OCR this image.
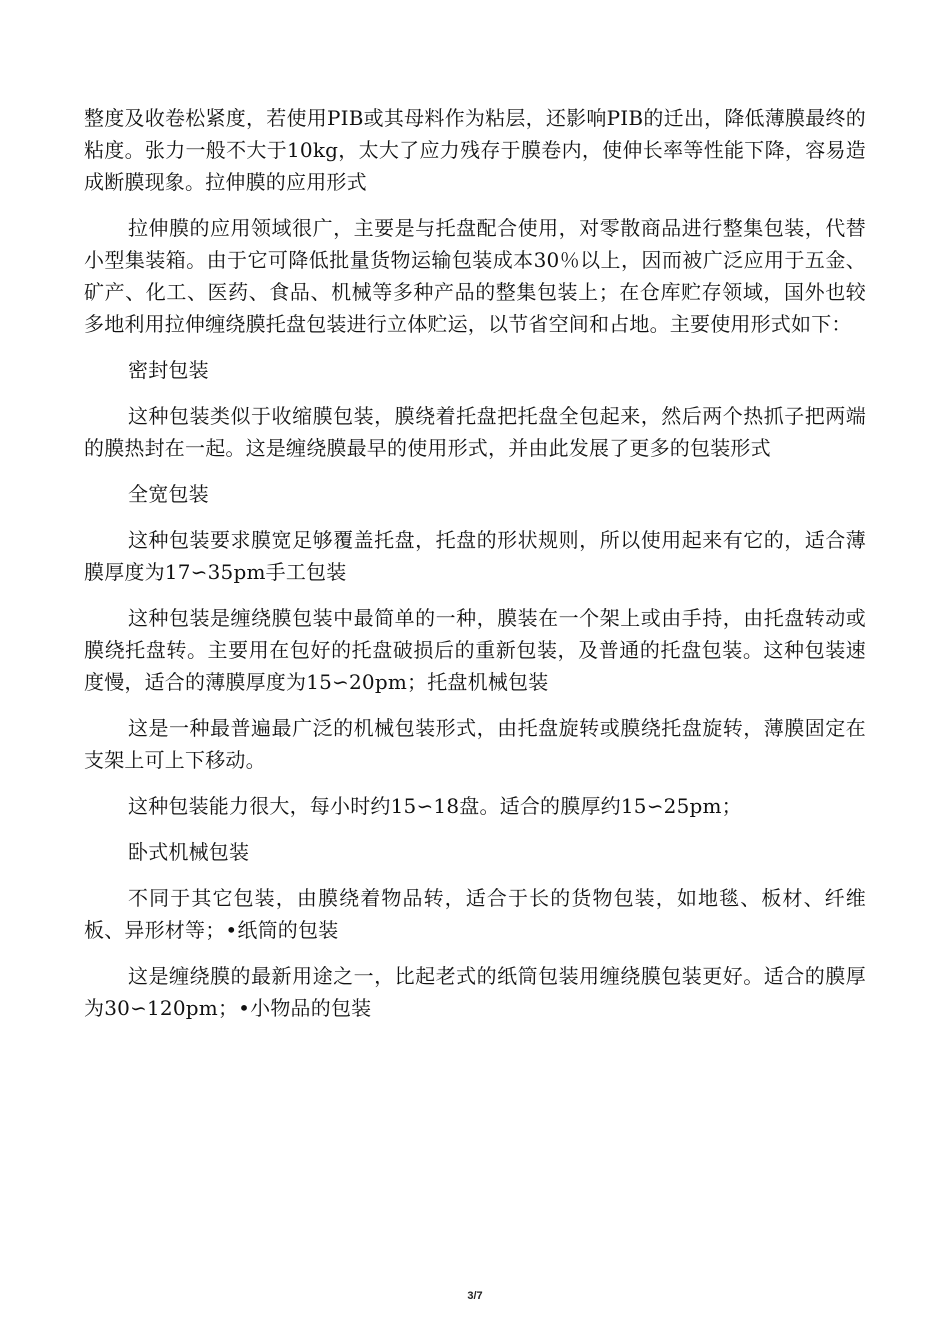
整度及收卷松紧度，若使用PIB或其母料作为粘层，还影响PIB的迁出，降低薄膜最终的粘度。张力一般不大于10kg，太大了应力残存于膜卷内，使伸长率等性能下降，容易造成断膜现象。拉伸膜的应用形式

拉伸膜的应用领域很广，主要是与托盘配合使用，对零散商品进行整集包装，代替小型集装箱。由于它可降低批量货物运输包装成本30％以上，因而被广泛应用于五金、矿产、化工、医药、食品、机械等多种产品的整集包装上；在仓库贮存领域，国外也较多地利用拉伸缠绕膜托盘包装进行立体贮运，以节省空间和占地。主要使用形式如下：

密封包装

这种包装类似于收缩膜包装，膜绕着托盘把托盘全包起来，然后两个热抓子把两端的膜热封在一起。这是缠绕膜最早的使用形式，并由此发展了更多的包装形式

全宽包装

这种包装要求膜宽足够覆盖托盘，托盘的形状规则，所以使用起来有它的，适合薄膜厚度为17∽35pm手工包装

这种包装是缠绕膜包装中最简单的一种，膜装在一个架上或由手持，由托盘转动或膜绕托盘转。主要用在包好的托盘破损后的重新包装，及普通的托盘包装。这种包装速度慢，适合的薄膜厚度为15∽20pm；托盘机械包装

这是一种最普遍最广泛的机械包装形式，由托盘旋转或膜绕托盘旋转，薄膜固定在支架上可上下移动。

这种包装能力很大，每小时约15∽18盘。适合的膜厚约15∽25pm；

卧式机械包装

不同于其它包装，由膜绕着物品转，适合于长的货物包装，如地毯、板材、纤维板、异形材等；•纸筒的包装

这是缠绕膜的最新用途之一，比起老式的纸筒包装用缠绕膜包装更好。适合的膜厚为30∽120pm；•小物品的包装

3/7
